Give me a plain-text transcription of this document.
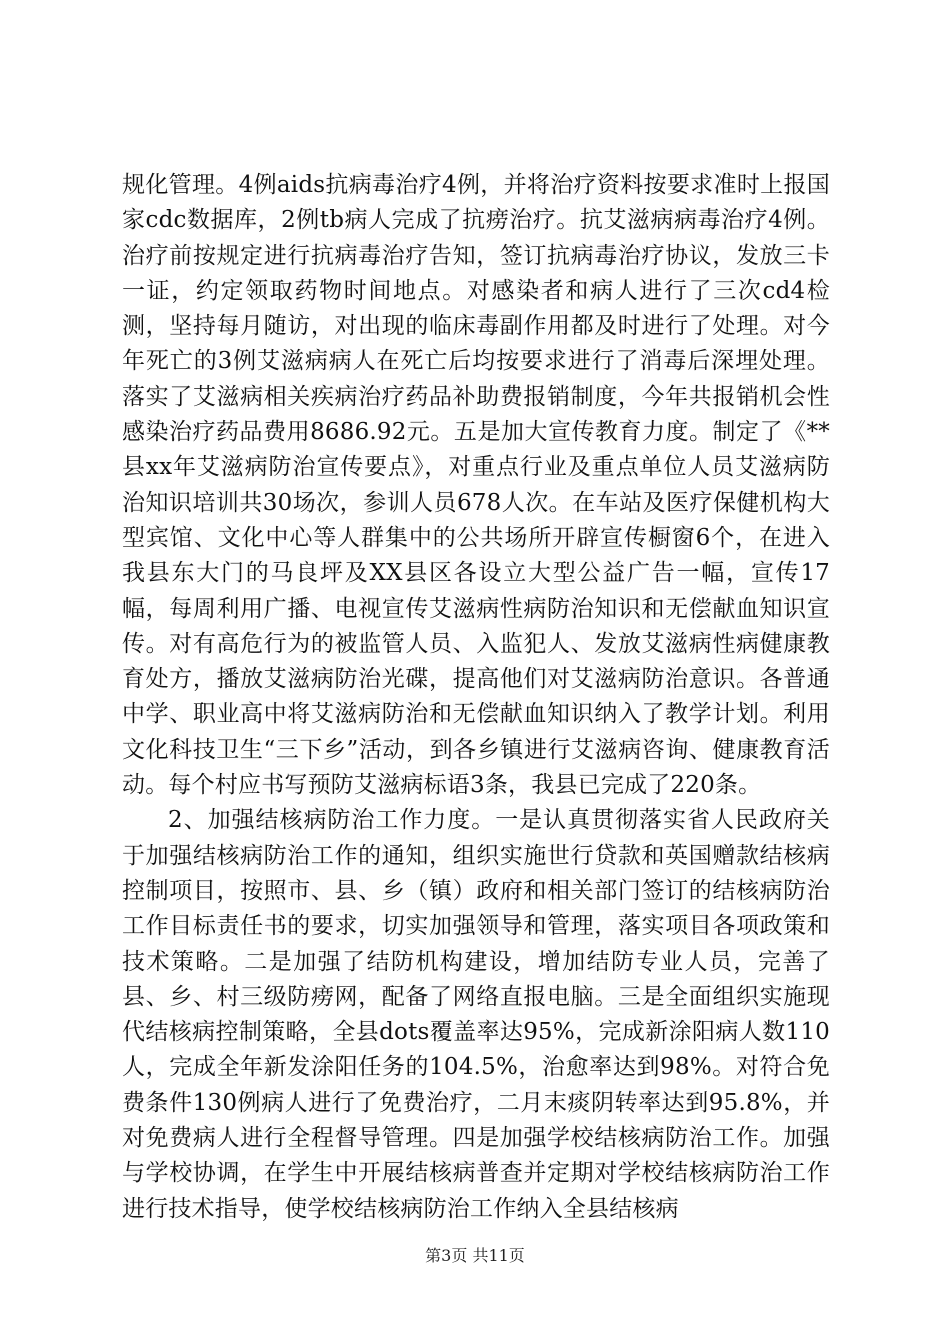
规化管理。4例aids抗病毒治疗4例，并将治疗资料按要求准时上报国家cdc数据库，2例tb病人完成了抗痨治疗。抗艾滋病病毒治疗4例。治疗前按规定进行抗病毒治疗告知，签订抗病毒治疗协议，发放三卡一证，约定领取药物时间地点。对感染者和病人进行了三次cd4检测，坚持每月随访，对出现的临床毒副作用都及时进行了处理。对今年死亡的3例艾滋病病人在死亡后均按要求进行了消毒后深埋处理。落实了艾滋病相关疾病治疗药品补助费报销制度，今年共报销机会性感染治疗药品费用8686.92元。五是加大宣传教育力度。制定了《**县xx年艾滋病防治宣传要点》，对重点行业及重点单位人员艾滋病防治知识培训共30场次，参训人员678人次。在车站及医疗保健机构大型宾馆、文化中心等人群集中的公共场所开辟宣传橱窗6个，在进入我县东大门的马良坪及XX县区各设立大型公益广告一幅，宣传17幅，每周利用广播、电视宣传艾滋病性病防治知识和无偿献血知识宣传。对有高危行为的被监管人员、入监犯人、发放艾滋病性病健康教育处方，播放艾滋病防治光碟，提高他们对艾滋病防治意识。各普通中学、职业高中将艾滋病防治和无偿献血知识纳入了教学计划。利用文化科技卫生“三下乡”活动，到各乡镇进行艾滋病咨询、健康教育活动。每个村应书写预防艾滋病标语3条，我县已完成了220条。

2、加强结核病防治工作力度。一是认真贯彻落实省人民政府关于加强结核病防治工作的通知，组织实施世行贷款和英国赠款结核病控制项目，按照市、县、乡（镇）政府和相关部门签订的结核病防治工作目标责任书的要求，切实加强领导和管理，落实项目各项政策和技术策略。二是加强了结防机构建设，增加结防专业人员，完善了县、乡、村三级防痨网，配备了网络直报电脑。三是全面组织实施现代结核病控制策略，全县dots覆盖率达95%，完成新涂阳病人数110人，完成全年新发涂阳任务的104.5%，治愈率达到98%。对符合免费条件130例病人进行了免费治疗，二月末痰阴转率达到95.8%，并对免费病人进行全程督导管理。四是加强学校结核病防治工作。加强与学校协调，在学生中开展结核病普查并定期对学校结核病防治工作进行技术指导，使学校结核病防治工作纳入全县结核病

第3页 共11页
